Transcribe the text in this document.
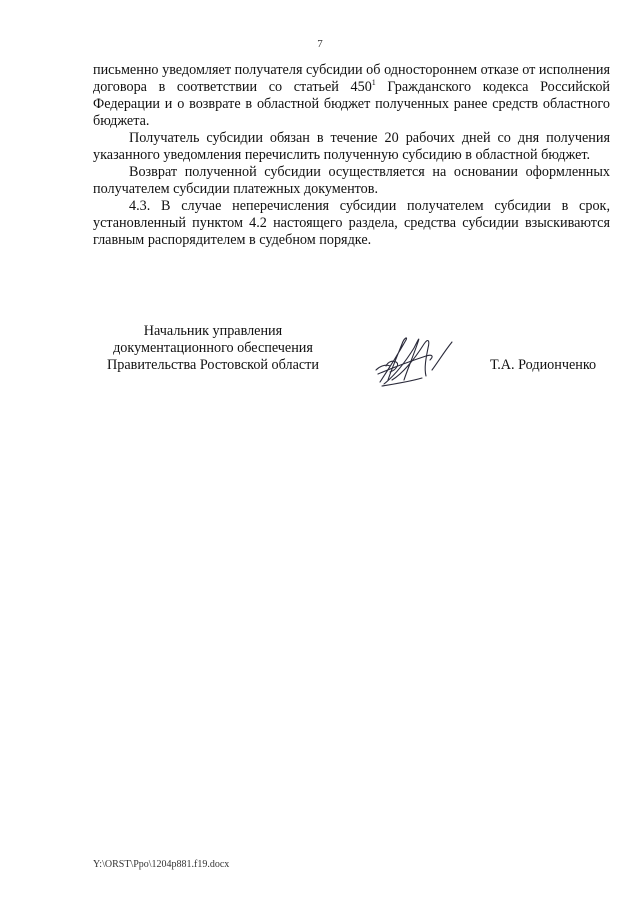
7

письменно уведомляет получателя субсидии об одностороннем отказе от исполнения договора в соответствии со статьей $450^1$ Гражданского кодекса Российской Федерации и о возврате в областной бюджет полученных ранее средств областного бюджета.

Получатель субсидии обязан в течение 20 рабочих дней со дня получения указанного уведомления перечислить полученную субсидию в областной бюджет.

Возврат полученной субсидии осуществляется на основании оформленных получателем субсидии платежных документов.

4.3. В случае неперечисления субсидии получателем субсидии в срок, установленный пунктом 4.2 настоящего раздела, средства субсидии взыскиваются главным распорядителем в судебном порядке.

Начальник управления
документационного обеспечения
Правительства Ростовской области	Т.А. Родионченко
Y:\ORST\Ppo\1204p881.f19.docx
